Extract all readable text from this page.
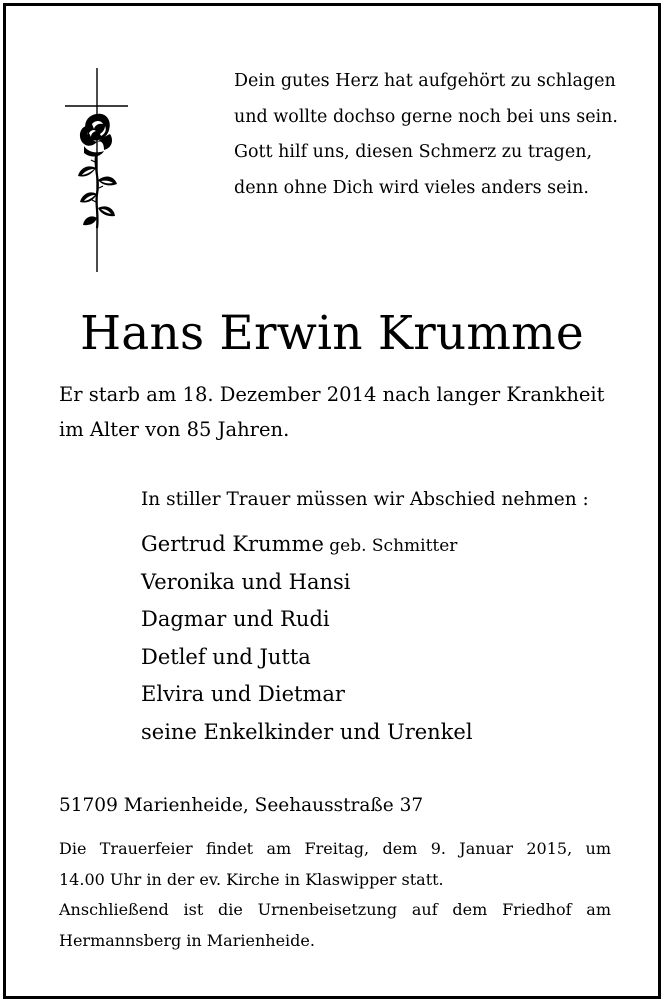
Dein gutes Herz hat aufgehört zu schlagen
und wollte dochso gerne noch bei uns sein.
Gott hilf uns, diesen Schmerz zu tragen,
denn ohne Dich wird vieles anders sein.
Hans Erwin Krumme
Er starb am 18. Dezember 2014 nach langer Krankheit
im Alter von 85 Jahren.
In stiller Trauer müssen wir Abschied nehmen :
Gertrud Krumme geb. Schmitter
Veronika und Hansi
Dagmar und Rudi
Detlef und Jutta
Elvira und Dietmar
seine Enkelkinder und Urenkel
51709 Marienheide, Seehausstraße 37
Die Trauerfeier findet am Freitag, dem 9. Januar 2015, um
14.00 Uhr in der ev. Kirche in Klaswipper statt.
Anschließend ist die Urnenbeisetzung auf dem Friedhof am
Hermannsberg in Marienheide.
